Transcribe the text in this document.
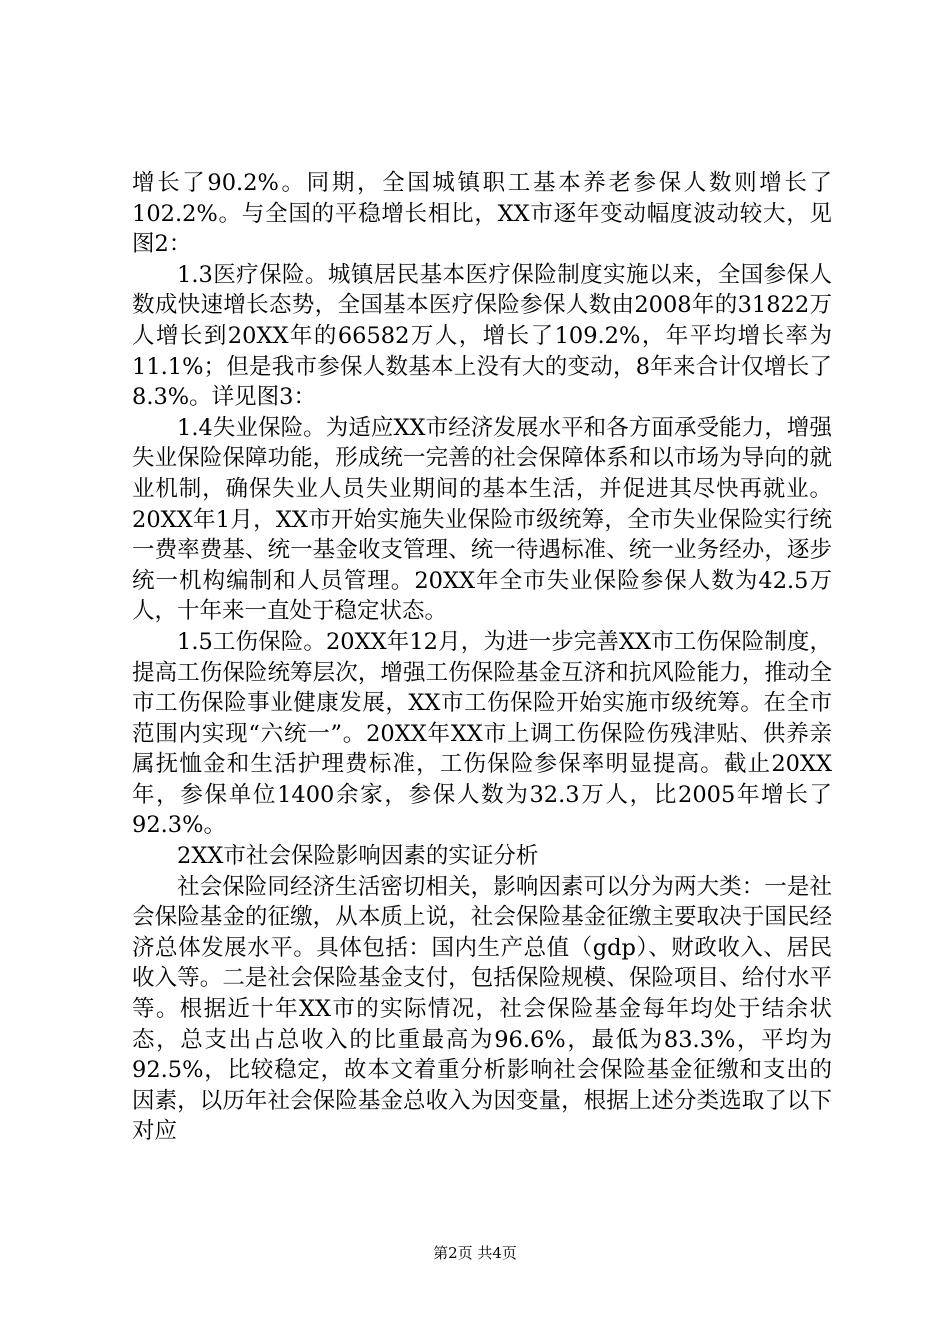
增长了90.2%。同期，全国城镇职工基本养老参保人数则增长了102.2%。与全国的平稳增长相比，XX市逐年变动幅度波动较大，见图2：

1.3医疗保险。城镇居民基本医疗保险制度实施以来，全国参保人数成快速增长态势，全国基本医疗保险参保人数由2008年的31822万人增长到20XX年的66582万人，增长了109.2%，年平均增长率为11.1%；但是我市参保人数基本上没有大的变动，8年来合计仅增长了8.3%。详见图3：

1.4失业保险。为适应XX市经济发展水平和各方面承受能力，增强失业保险保障功能，形成统一完善的社会保障体系和以市场为导向的就业机制，确保失业人员失业期间的基本生活，并促进其尽快再就业。20XX年1月，XX市开始实施失业保险市级统筹，全市失业保险实行统一费率费基、统一基金收支管理、统一待遇标准、统一业务经办，逐步统一机构编制和人员管理。20XX年全市失业保险参保人数为42.5万人，十年来一直处于稳定状态。

1.5工伤保险。20XX年12月，为进一步完善XX市工伤保险制度，提高工伤保险统筹层次，增强工伤保险基金互济和抗风险能力，推动全市工伤保险事业健康发展，XX市工伤保险开始实施市级统筹。在全市范围内实现“六统一”。20XX年XX市上调工伤保险伤残津贴、供养亲属抚恤金和生活护理费标准，工伤保险参保率明显提高。截止20XX年，参保单位1400余家，参保人数为32.3万人，比2005年增长了92.3%。

2XX市社会保险影响因素的实证分析

社会保险同经济生活密切相关，影响因素可以分为两大类：一是社会保险基金的征缴，从本质上说，社会保险基金征缴主要取决于国民经济总体发展水平。具体包括：国内生产总值（gdp）、财政收入、居民收入等。二是社会保险基金支付，包括保险规模、保险项目、给付水平等。根据近十年XX市的实际情况，社会保险基金每年均处于结余状态，总支出占总收入的比重最高为96.6%，最低为83.3%，平均为92.5%，比较稳定，故本文着重分析影响社会保险基金征缴和支出的因素，以历年社会保险基金总收入为因变量，根据上述分类选取了以下对应

第2页 共4页
